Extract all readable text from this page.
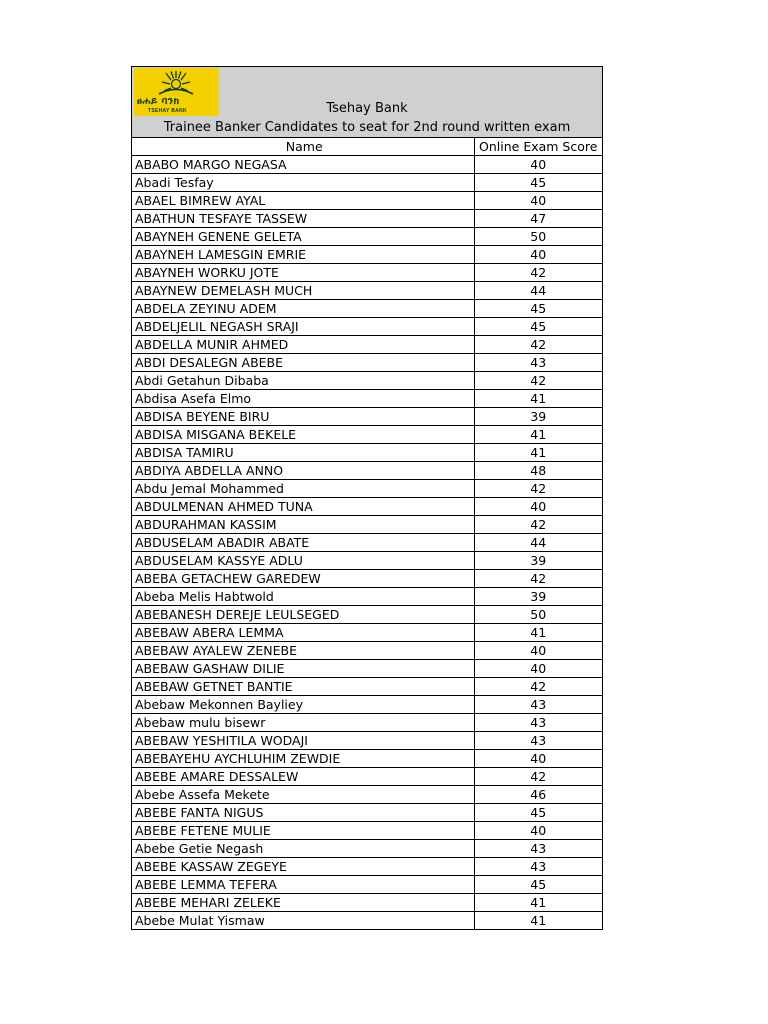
ፀሐይ ባንክ
TSEHAY BANK	Tsehay Bank
Trainee Banker Candidates to seat for 2nd round written exam
Name	Online Exam Score
ABABO MARGO NEGASA	40
Abadi Tesfay	45
ABAEL BIMREW AYAL	40
ABATHUN TESFAYE TASSEW	47
ABAYNEH GENENE GELETA	50
ABAYNEH LAMESGIN EMRIE	40
ABAYNEH WORKU JOTE	42
ABAYNEW DEMELASH MUCH	44
ABDELA ZEYINU ADEM	45
ABDELJELIL NEGASH SRAJI	45
ABDELLA MUNIR AHMED	42
ABDI DESALEGN ABEBE	43
Abdi Getahun Dibaba	42
Abdisa Asefa Elmo	41
ABDISA BEYENE BIRU	39
ABDISA MISGANA BEKELE	41
ABDISA TAMIRU	41
ABDIYA ABDELLA ANNO	48
Abdu Jemal Mohammed	42
ABDULMENAN AHMED TUNA	40
ABDURAHMAN KASSIM	42
ABDUSELAM ABADIR ABATE	44
ABDUSELAM KASSYE ADLU	39
ABEBA GETACHEW GAREDEW	42
Abeba Melis Habtwold	39
ABEBANESH DEREJE LEULSEGED	50
ABEBAW ABERA LEMMA	41
ABEBAW AYALEW ZENEBE	40
ABEBAW GASHAW DILIE	40
ABEBAW GETNET BANTIE	42
Abebaw Mekonnen Bayliey	43
Abebaw mulu bisewr	43
ABEBAW YESHITILA WODAJI	43
ABEBAYEHU AYCHLUHIM ZEWDIE	40
ABEBE AMARE DESSALEW	42
Abebe Assefa Mekete	46
ABEBE FANTA NIGUS	45
ABEBE FETENE MULIE	40
Abebe Getie Negash	43
ABEBE KASSAW ZEGEYE	43
ABEBE LEMMA TEFERA	45
ABEBE MEHARI ZELEKE	41
Abebe Mulat Yismaw	41
